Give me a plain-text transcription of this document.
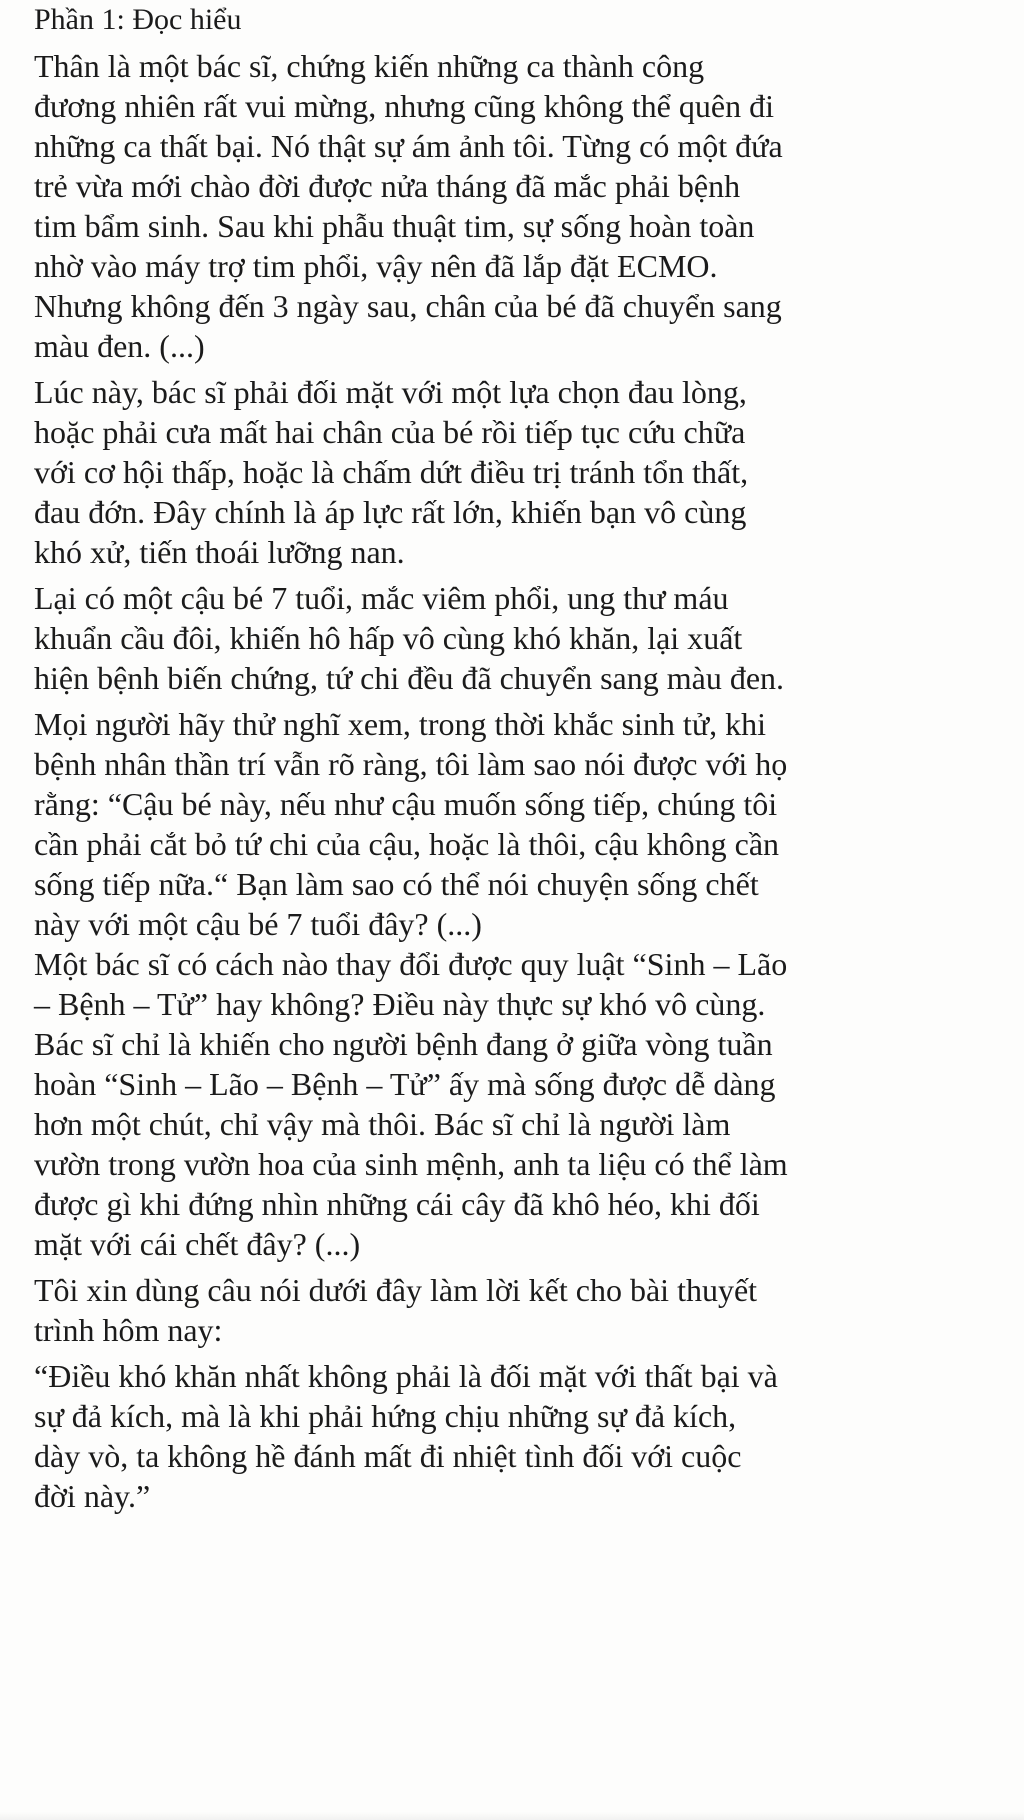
Phần 1: Đọc hiểu
Thân là một bác sĩ, chứng kiến những ca thành công
đương nhiên rất vui mừng, nhưng cũng không thể quên đi
những ca thất bại. Nó thật sự ám ảnh tôi. Từng có một đứa
trẻ vừa mới chào đời được nửa tháng đã mắc phải bệnh
tim bẩm sinh. Sau khi phẫu thuật tim, sự sống hoàn toàn
nhờ vào máy trợ tim phổi, vậy nên đã lắp đặt ECMO.
Nhưng không đến 3 ngày sau, chân của bé đã chuyển sang
màu đen. (...)
Lúc này, bác sĩ phải đối mặt với một lựa chọn đau lòng,
hoặc phải cưa mất hai chân của bé rồi tiếp tục cứu chữa
với cơ hội thấp, hoặc là chấm dứt điều trị tránh tổn thất,
đau đớn. Đây chính là áp lực rất lớn, khiến bạn vô cùng
khó xử, tiến thoái lưỡng nan.
Lại có một cậu bé 7 tuổi, mắc viêm phổi, ung thư máu
khuẩn cầu đôi, khiến hô hấp vô cùng khó khăn, lại xuất
hiện bệnh biến chứng, tứ chi đều đã chuyển sang màu đen.
Mọi người hãy thử nghĩ xem, trong thời khắc sinh tử, khi
bệnh nhân thần trí vẫn rõ ràng, tôi làm sao nói được với họ
rằng: “Cậu bé này, nếu như cậu muốn sống tiếp, chúng tôi
cần phải cắt bỏ tứ chi của cậu, hoặc là thôi, cậu không cần
sống tiếp nữa.“ Bạn làm sao có thể nói chuyện sống chết
này với một cậu bé 7 tuổi đây? (...)
Một bác sĩ có cách nào thay đổi được quy luật “Sinh – Lão
– Bệnh – Tử” hay không? Điều này thực sự khó vô cùng.
Bác sĩ chỉ là khiến cho người bệnh đang ở giữa vòng tuần
hoàn “Sinh – Lão – Bệnh – Tử” ấy mà sống được dễ dàng
hơn một chút, chỉ vậy mà thôi. Bác sĩ chỉ là người làm
vườn trong vườn hoa của sinh mệnh, anh ta liệu có thể làm
được gì khi đứng nhìn những cái cây đã khô héo, khi đối
mặt với cái chết đây? (...)
Tôi xin dùng câu nói dưới đây làm lời kết cho bài thuyết
trình hôm nay:
“Điều khó khăn nhất không phải là đối mặt với thất bại và
sự đả kích, mà là khi phải hứng chịu những sự đả kích,
dày vò, ta không hề đánh mất đi nhiệt tình đối với cuộc
đời này.”
